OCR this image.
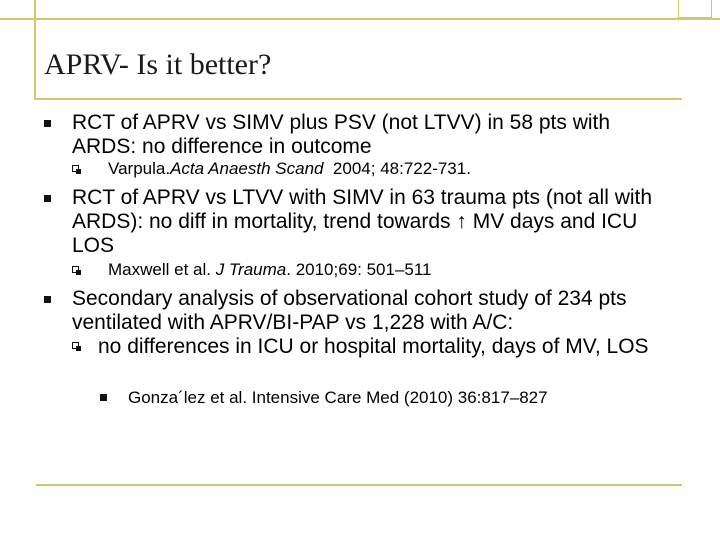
APRV- Is it better?
RCT of APRV vs SIMV plus PSV (not LTVV) in 58 pts with ARDS: no difference in outcome
Varpula.Acta Anaesth Scand  2004; 48:722-731.
RCT of APRV vs LTVV with SIMV in 63 trauma pts (not all with ARDS): no diff in mortality, trend towards ↑ MV days and ICU LOS
Maxwell et al. J Trauma. 2010;69: 501–511
Secondary analysis of observational cohort study of 234 pts ventilated with APRV/BI-PAP vs 1,228 with A/C:
no differences in ICU or hospital mortality, days of MV, LOS
Gonza´lez et al. Intensive Care Med (2010) 36:817–827
